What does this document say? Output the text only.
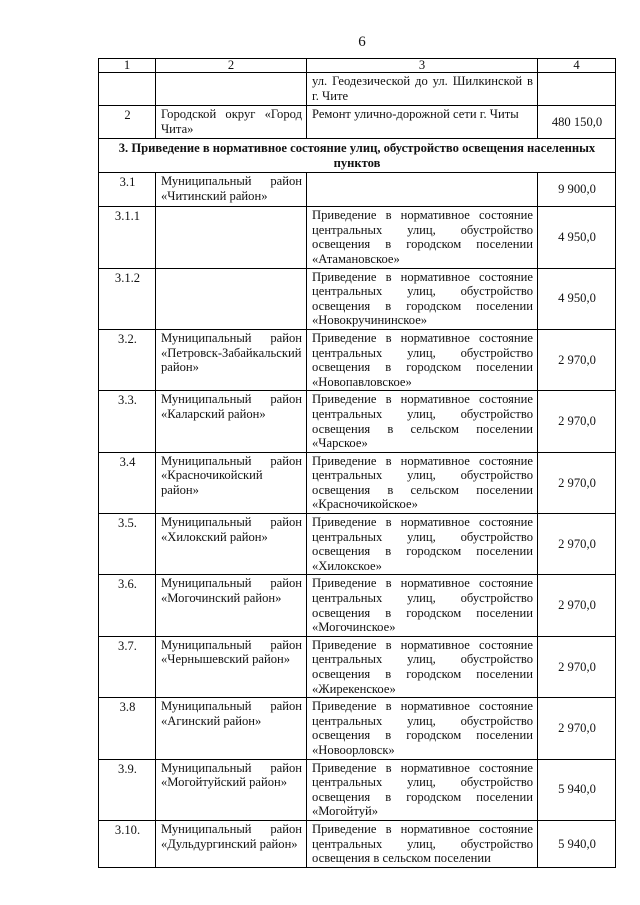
6
1	2	3	4
		ул. Геодезической до ул. Шилкинской в г. Чите	
2	Городской округ «Город Чита»	Ремонт улично-дорожной сети г. Читы	480 150,0
3. Приведение в нормативное состояние улиц, обустройство освещения населенных пунктов			
3.1	Муниципальный район «Читинский район»		9 900,0
3.1.1		Приведение в нормативное состояние центральных улиц, обустройство освещения в городском поселении «Атамановское»	4 950,0
3.1.2		Приведение в нормативное состояние центральных улиц, обустройство освещения в городском поселении «Новокручининское»	4 950,0
3.2.	Муниципальный район «Петровск-Забайкальский район»	Приведение в нормативное состояние центральных улиц, обустройство освещения в городском поселении «Новопавловское»	2 970,0
3.3.	Муниципальный район «Каларский район»	Приведение в нормативное состояние центральных улиц, обустройство освещения в сельском поселении «Чарское»	2 970,0
3.4	Муниципальный район «Красночикойский район»	Приведение в нормативное состояние центральных улиц, обустройство освещения в сельском поселении «Красночикойское»	2 970,0
3.5.	Муниципальный район «Хилокский район»	Приведение в нормативное состояние центральных улиц, обустройство освещения в городском поселении «Хилокское»	2 970,0
3.6.	Муниципальный район «Могочинский район»	Приведение в нормативное состояние центральных улиц, обустройство освещения в городском поселении «Могочинское»	2 970,0
3.7.	Муниципальный район «Чернышевский район»	Приведение в нормативное состояние центральных улиц, обустройство освещения в городском поселении «Жирекенское»	2 970,0
3.8	Муниципальный район «Агинский район»	Приведение в нормативное состояние центральных улиц, обустройство освещения в городском поселении «Новоорловск»	2 970,0
3.9.	Муниципальный район «Могойтуйский район»	Приведение в нормативное состояние центральных улиц, обустройство освещения в городском поселении «Могойтуй»	5 940,0
3.10.	Муниципальный район «Дульдургинский район»	Приведение в нормативное состояние центральных улиц, обустройство освещения в сельском поселении	5 940,0
